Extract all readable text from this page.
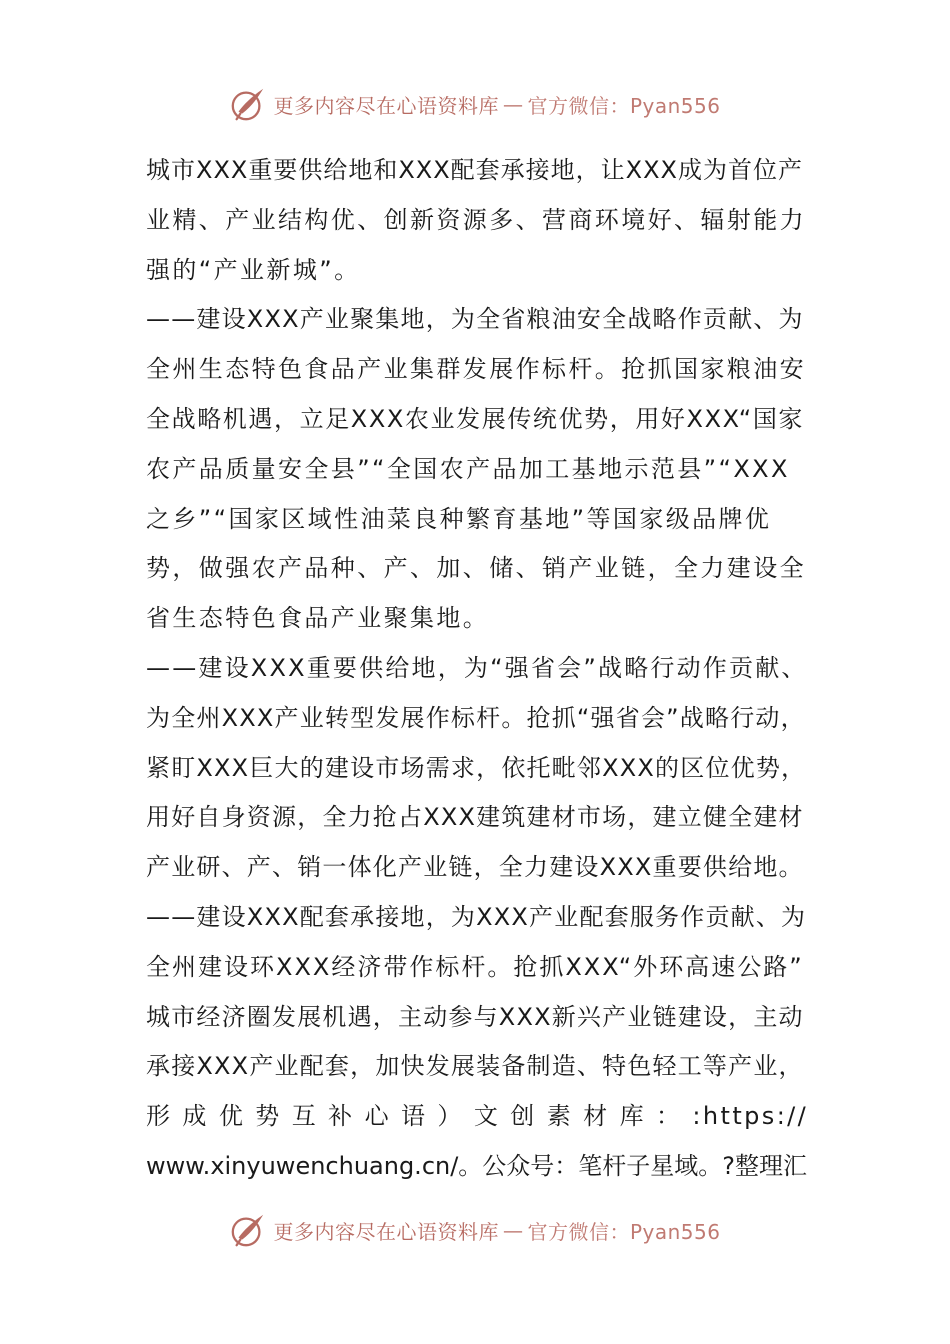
更多内容尽在心语资料库 — 官方微信：Pyan556
城市XXX重要供给地和XXX配套承接地，让XXX成为首位产
业精、产业结构优、创新资源多、营商环境好、辐射能力
强的“产业新城”。
——建设XXX产业聚集地，为全省粮油安全战略作贡献、为
全州生态特色食品产业集群发展作标杆。抢抓国家粮油安
全战略机遇，立足XXX农业发展传统优势，用好XXX“国家
农产品质量安全县”“全国农产品加工基地示范县”“XXX
之乡”“国家区域性油菜良种繁育基地”等国家级品牌优
势，做强农产品种、产、加、储、销产业链，全力建设全
省生态特色食品产业聚集地。
——建设XXX重要供给地，为“强省会”战略行动作贡献、
为全州XXX产业转型发展作标杆。抢抓“强省会”战略行动，
紧盯XXX巨大的建设市场需求，依托毗邻XXX的区位优势，
用好自身资源，全力抢占XXX建筑建材市场，建立健全建材
产业研、产、销一体化产业链，全力建设XXX重要供给地。
——建设XXX配套承接地，为XXX产业配套服务作贡献、为
全州建设环XXX经济带作标杆。抢抓XXX“外环高速公路”
城市经济圈发展机遇，主动参与XXX新兴产业链建设，主动
承接XXX产业配套，加快发展装备制造、特色轻工等产业，
形 成 优 势 互 补 心 语 ） 文 创 素 材 库 ： :https://
www.xinyuwenchuang.cn/。公众号：笔杆子星域。?整理汇
更多内容尽在心语资料库 — 官方微信：Pyan556
